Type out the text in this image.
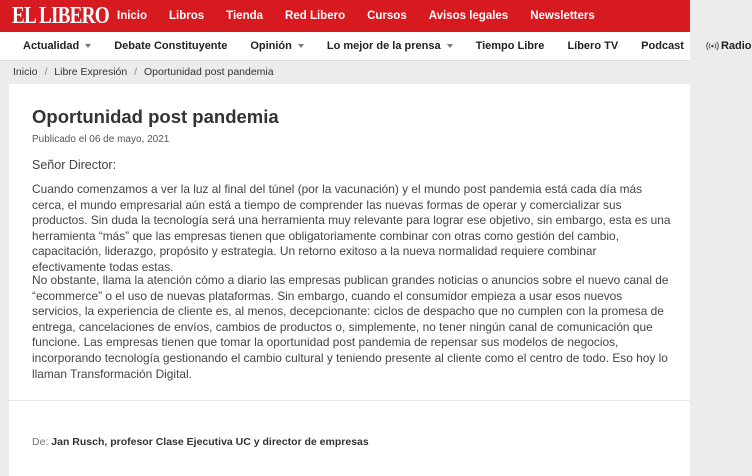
EL LIBERO Inicio Libros Tienda Red Libero Cursos Avisos legales Newsletters
Actualidad	Debate Constituyente Opinión	Lo mejor de la prensa	Tiempo Libre Líbero TV Podcast	Radio
Inicio / Libre Expresión / Oportunidad post pandemia
Oportunidad post pandemia
Publicado el 06 de mayo, 2021
Señor Director:

Cuando comenzamos a ver la luz al final del túnel (por la vacunación) y el mundo post pandemia está cada día más cerca, el mundo empresarial aún está a tiempo de comprender las nuevas formas de operar y comercializar sus productos. Sin duda la tecnología será una herramienta muy relevante para lograr ese objetivo, sin embargo, esta es una herramienta “más” que las empresas tienen que obligatoriamente combinar con otras como gestión del cambio, capacitación, liderazgo, propósito y estrategia. Un retorno exitoso a la nueva normalidad requiere combinar efectivamente todas estas.

No obstante, llama la atención cómo a diario las empresas publican grandes noticias o anuncios sobre el nuevo canal de “ecommerce” o el uso de nuevas plataformas. Sin embargo, cuando el consumidor empieza a usar esos nuevos servicios, la experiencia de cliente es, al menos, decepcionante: ciclos de despacho que no cumplen con la promesa de entrega, cancelaciones de envíos, cambios de productos o, simplemente, no tener ningún canal de comunicación que funcione. Las empresas tienen que tomar la oportunidad post pandemia de repensar sus modelos de negocios, incorporando tecnología gestionando el cambio cultural y teniendo presente al cliente como el centro de todo. Eso hoy lo llaman Transformación Digital.

De: Jan Rusch, profesor Clase Ejecutiva UC y director de empresas
